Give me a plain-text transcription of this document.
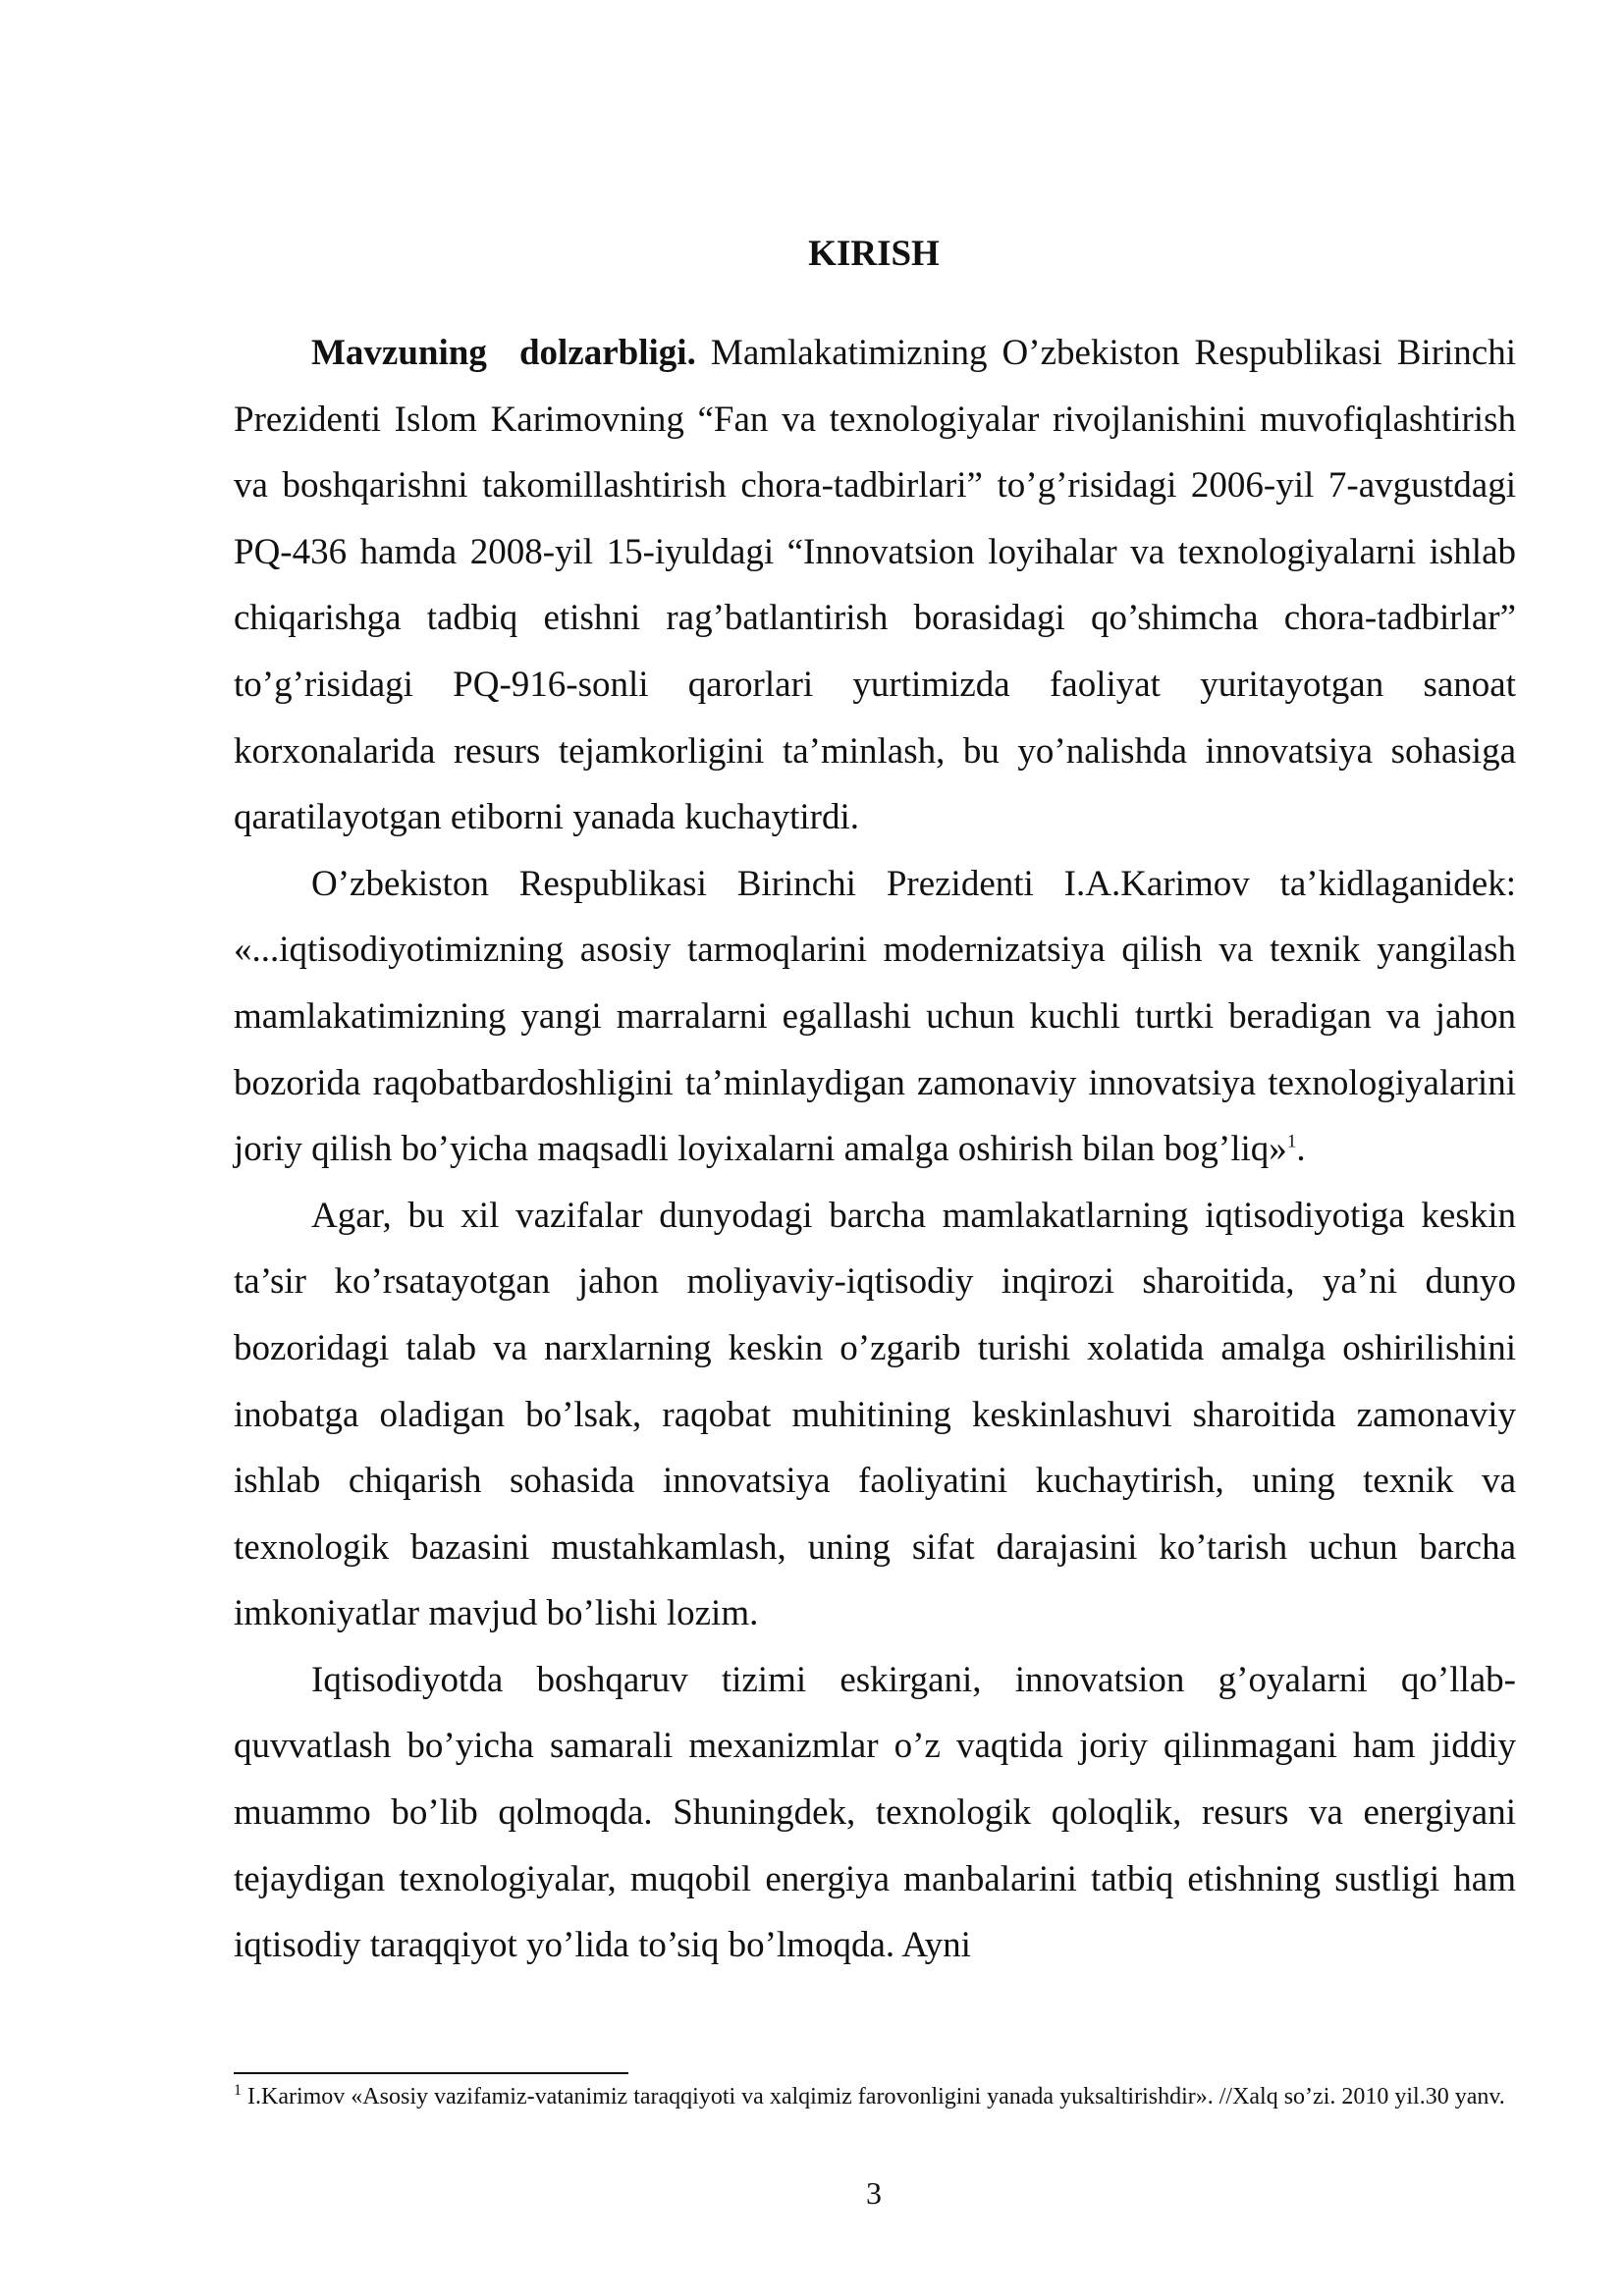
KIRISH

Mavzuning dolzarbligi. Mamlakatimizning O’zbekiston Respublikasi Birinchi Prezidenti Islom Karimovning “Fan va texnologiyalar rivojlanishini muvofiqlashtirish va boshqarishni takomillashtirish chora-tadbirlari” to’g’risidagi 2006-yil 7-avgustdagi PQ-436 hamda 2008-yil 15-iyuldagi “Innovatsion loyihalar va texnologiyalarni ishlab chiqarishga tadbiq etishni rag’batlantirish borasidagi qo’shimcha chora-tadbirlar” to’g’risidagi PQ-916-sonli qarorlari yurtimizda faoliyat yuritayotgan sanoat korxonalarida resurs tejamkorligini ta’minlash, bu yo’nalishda innovatsiya sohasiga qaratilayotgan etiborni yanada kuchaytirdi.

O’zbekiston Respublikasi Birinchi Prezidenti I.A.Karimov ta’kidlaganidek: «...iqtisodiyotimizning asosiy tarmoqlarini modernizatsiya qilish va texnik yangilash mamlakatimizning yangi marralarni egallashi uchun kuchli turtki beradigan va jahon bozorida raqobatbardoshligini ta’minlaydigan zamonaviy innovatsiya texnologiyalarini joriy qilish bo’yicha maqsadli loyixalarni amalga oshirish bilan bog’liq»$^1$.

Agar, bu xil vazifalar dunyodagi barcha mamlakatlarning iqtisodiyotiga keskin ta’sir ko’rsatayotgan jahon moliyaviy-iqtisodiy inqirozi sharoitida, ya’ni dunyo bozoridagi talab va narxlarning keskin o’zgarib turishi xolatida amalga oshirilishini inobatga oladigan bo’lsak, raqobat muhitining keskinlashuvi sharoitida zamonaviy ishlab chiqarish sohasida innovatsiya faoliyatini kuchaytirish, uning texnik va texnologik bazasini mustahkamlash, uning sifat darajasini ko’tarish uchun barcha imkoniyatlar mavjud bo’lishi lozim.

Iqtisodiyotda boshqaruv tizimi eskirgani, innovatsion g’oyalarni qo’llab-quvvatlash bo’yicha samarali mexanizmlar o’z vaqtida joriy qilinmagani ham jiddiy muammo bo’lib qolmoqda. Shuningdek, texnologik qoloqlik, resurs va energiyani tejaydigan texnologiyalar, muqobil energiya manbalarini tatbiq etishning sustligi ham iqtisodiy taraqqiyot yo’lida to’siq bo’lmoqda. Ayni

$^1$ I.Karimov «Asosiy vazifamiz-vatanimiz taraqqiyoti va xalqimiz farovonligini yanada yuksaltirishdir». //Xalq so’zi. 2010 yil.30 yanv.

3
